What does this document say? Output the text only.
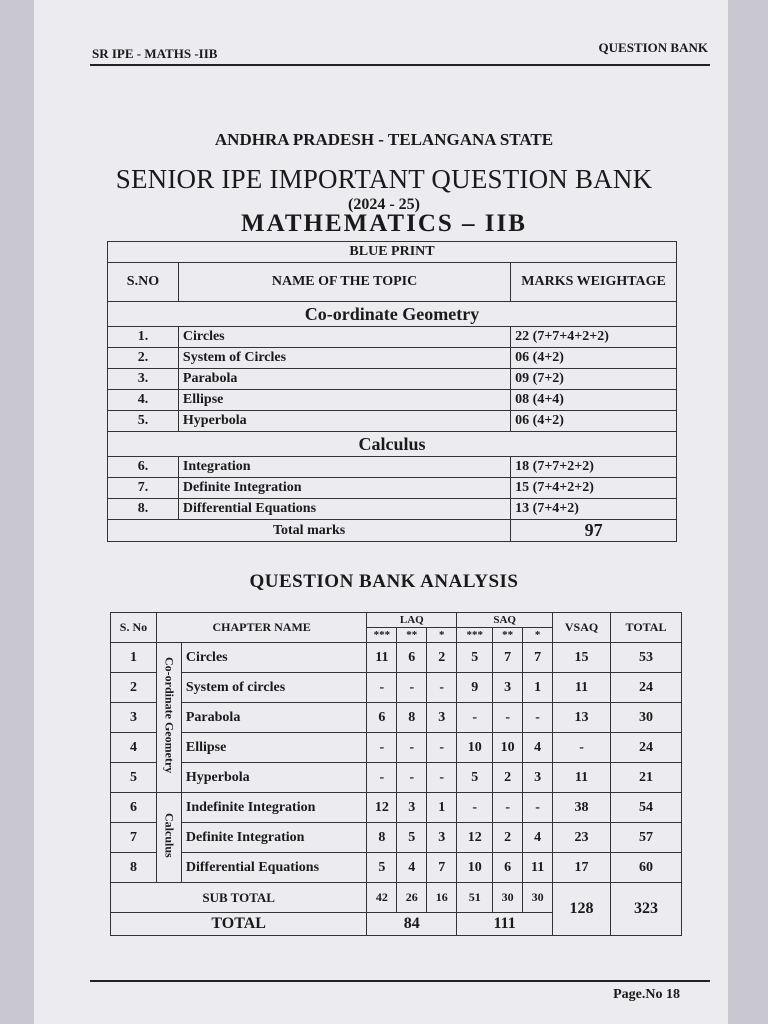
SR IPE - MATHS -IIB	QUESTION BANK
ANDHRA PRADESH - TELANGANA STATE
SENIOR IPE IMPORTANT QUESTION BANK
(2024 - 25)
MATHEMATICS – IIB
BLUE PRINT		
S.NO	NAME OF THE TOPIC	MARKS WEIGHTAGE
Co-ordinate Geometry		
1.	Circles	22 (7+7+4+2+2)
2.	System of Circles	06 (4+2)
3.	Parabola	09 (7+2)
4.	Ellipse	08 (4+4)
5.	Hyperbola	06 (4+2)
Calculus		
6.	Integration	18 (7+7+2+2)
7.	Definite Integration	15 (7+4+2+2)
8.	Differential Equations	13 (7+4+2)
Total marks		97
QUESTION BANK ANALYSIS
S. No	CHAPTER NAME		LAQ			SAQ			VSAQ	TOTAL
			***	**	*	***	**	*		
1	Co-ordinate Geometry	Circles	11	6	2	5	7	7	15	53
2		System of circles	-	-	-	9	3	1	11	24
3		Parabola	6	8	3	-	-	-	13	30
4		Ellipse	-	-	-	10	10	4	-	24
5		Hyperbola	-	-	-	5	2	3	11	21
6	Calculus	Indefinite Integration	12	3	1	-	-	-	38	54
7		Definite Integration	8	5	3	12	2	4	23	57
8		Differential Equations	5	4	7	10	6	11	17	60
SUB TOTAL			42	26	16	51	30	30	128	323
TOTAL			84			111				
Page.No 18
